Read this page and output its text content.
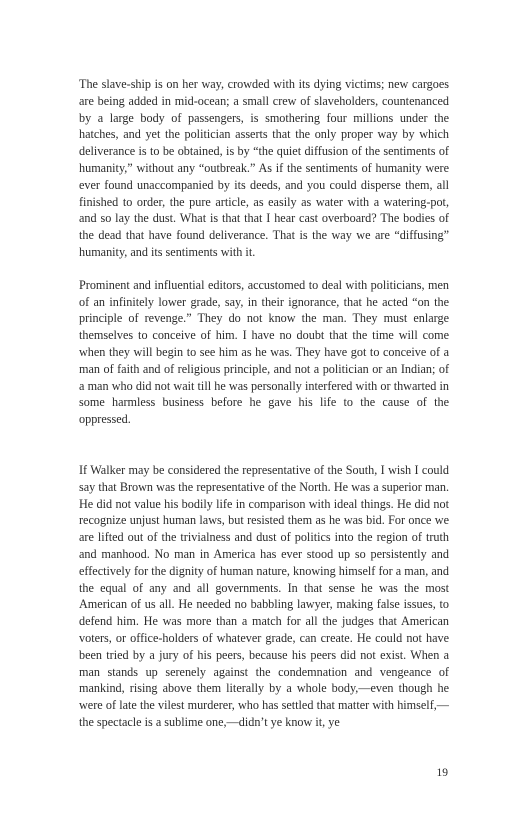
The slave-ship is on her way, crowded with its dying victims; new cargoes are being added in mid-ocean; a small crew of slaveholders, countenanced by a large body of passengers, is smothering four millions under the hatches, and yet the politician asserts that the only proper way by which deliverance is to be obtained, is by “the quiet diffusion of the sentiments of humanity,” without any “outbreak.” As if the sentiments of humanity were ever found unaccompanied by its deeds, and you could disperse them, all finished to order, the pure article, as easily as water with a watering-pot, and so lay the dust. What is that that I hear cast overboard? The bodies of the dead that have found deliverance. That is the way we are “diffusing” humanity, and its sentiments with it.

Prominent and influential editors, accustomed to deal with politicians, men of an infinitely lower grade, say, in their ignorance, that he acted “on the principle of revenge.” They do not know the man. They must enlarge themselves to conceive of him. I have no doubt that the time will come when they will begin to see him as he was. They have got to conceive of a man of faith and of religious principle, and not a politician or an Indian; of a man who did not wait till he was personally interfered with or thwarted in some harmless business before he gave his life to the cause of the oppressed.

If Walker may be considered the representative of the South, I wish I could say that Brown was the representative of the North. He was a superior man. He did not value his bodily life in comparison with ideal things. He did not recognize unjust human laws, but resisted them as he was bid. For once we are lifted out of the trivialness and dust of politics into the region of truth and manhood. No man in America has ever stood up so persistently and effectively for the dignity of human nature, knowing himself for a man, and the equal of any and all governments. In that sense he was the most American of us all. He needed no babbling lawyer, making false issues, to defend him. He was more than a match for all the judges that American voters, or office-holders of whatever grade, can create. He could not have been tried by a jury of his peers, because his peers did not exist. When a man stands up serenely against the condemnation and vengeance of mankind, rising above them literally by a whole body,—even though he were of late the vilest murderer, who has settled that matter with himself,—the spectacle is a sublime one,—didn’t ye know it, ye

19
